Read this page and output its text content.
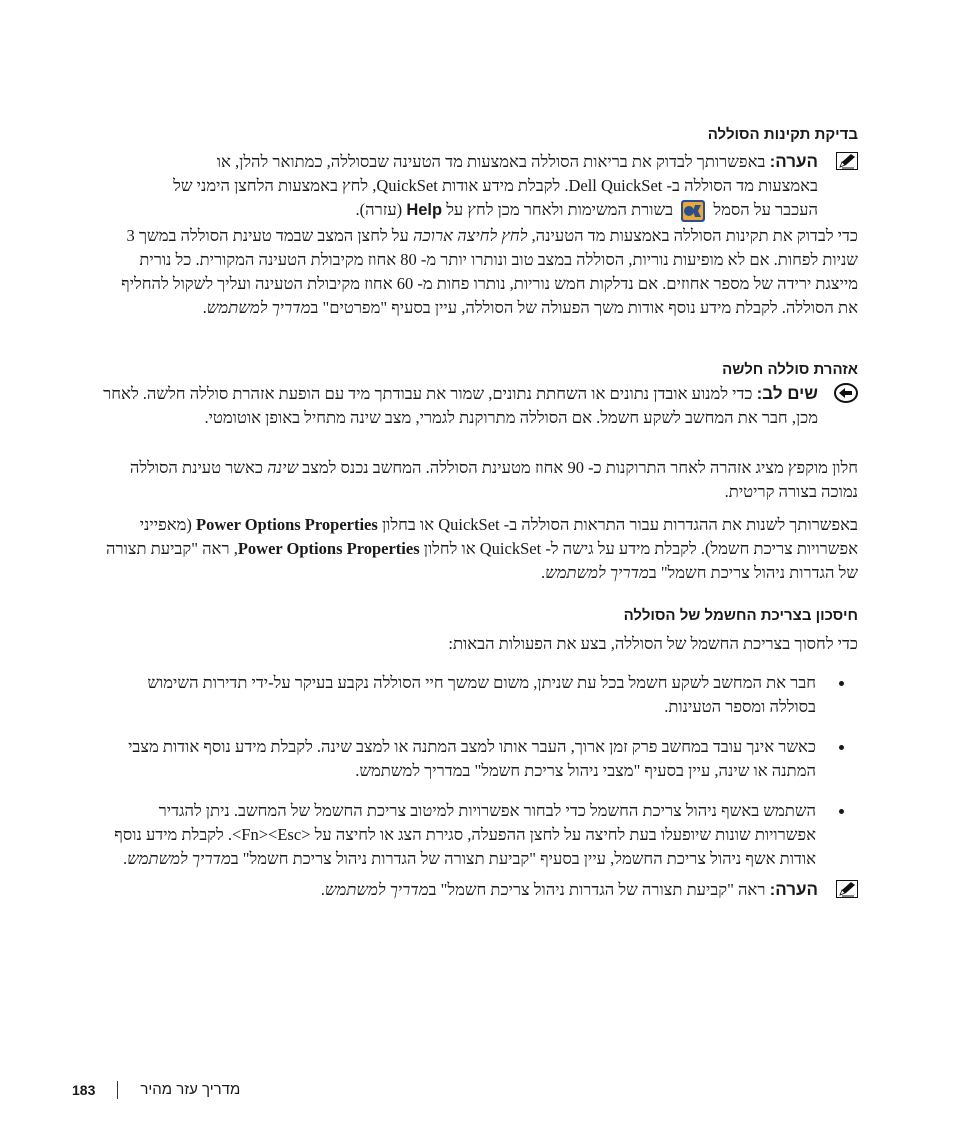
בדיקת תקינות הסוללה
הערה: באפשרותך לבדוק את בריאות הסוללה באמצעות מד הטעינה שבסוללה, כמתואר להלן, או
באמצעות מד הסוללה ב- Dell QuickSet. לקבלת מידע אודות QuickSet, לחץ באמצעות הלחצן הימני של
העכבר על הסמל  בשורת המשימות ולאחר מכן לחץ על Help (עזרה).

כדי לבדוק את תקינות הסוללה באמצעות מד הטעינה, לחץ לחיצה ארוכה על לחצן המצב שבמד טעינת הסוללה במשך 3 שניות לפחות. אם לא מופיעות נוריות, הסוללה במצב טוב ונותרו יותר מ- 80 אחוז מקיבולת הטעינה המקורית. כל נורית מייצגת ירידה של מספר אחוזים. אם נדלקות חמש נוריות, נותרו פחות מ- 60 אחוז מקיבולת הטעינה ועליך לשקול להחליף את הסוללה. לקבלת מידע נוסף אודות משך הפעולה של הסוללה, עיין בסעיף "מפרטים" במדריך למשתמש.

אזהרת סוללה חלשה
שים לב: כדי למנוע אובדן נתונים או השחתת נתונים, שמור את עבודתך מיד עם הופעת אזהרת סוללה חלשה. לאחר מכן, חבר את המחשב לשקע חשמל. אם הסוללה מתרוקנת לגמרי, מצב שינה מתחיל באופן אוטומטי.

חלון מוקפץ מציג אזהרה לאחר התרוקנות כ- 90 אחוז מטעינת הסוללה. המחשב נכנס למצב שינה כאשר טעינת הסוללה נמוכה בצורה קריטית.

באפשרותך לשנות את ההגדרות עבור התראות הסוללה ב- QuickSet או בחלון Power Options Properties (מאפייני אפשרויות צריכת חשמל). לקבלת מידע על גישה ל- QuickSet או לחלון Power Options Properties, ראה "קביעת תצורה של הגדרות ניהול צריכת חשמל" במדריך למשתמש.

חיסכון בצריכת החשמל של הסוללה

כדי לחסוך בצריכת החשמל של הסוללה, בצע את הפעולות הבאות:

חבר את המחשב לשקע חשמל בכל עת שניתן, משום שמשך חיי הסוללה נקבע בעיקר על-ידי תדירות השימוש בסוללה ומספר הטעינות.
כאשר אינך עובד במחשב פרק זמן ארוך, העבר אותו למצב המתנה או למצב שינה. לקבלת מידע נוסף אודות מצבי המתנה או שינה, עיין בסעיף "מצבי ניהול צריכת חשמל" במדריך למשתמש.
השתמש באשף ניהול צריכת החשמל כדי לבחור אפשרויות למיטוב צריכת החשמל של המחשב. ניתן להגדיר אפשרויות שונות שיופעלו בעת לחיצה על לחצן ההפעלה, סגירת הצג או לחיצה על <Fn><Esc>. לקבלת מידע נוסף אודות אשף ניהול צריכת החשמל, עיין בסעיף "קביעת תצורה של הגדרות ניהול צריכת חשמל" במדריך למשתמש.
הערה: ראה "קביעת תצורה של הגדרות ניהול צריכת חשמל" במדריך למשתמש.
183	מדריך עזר מהיר
